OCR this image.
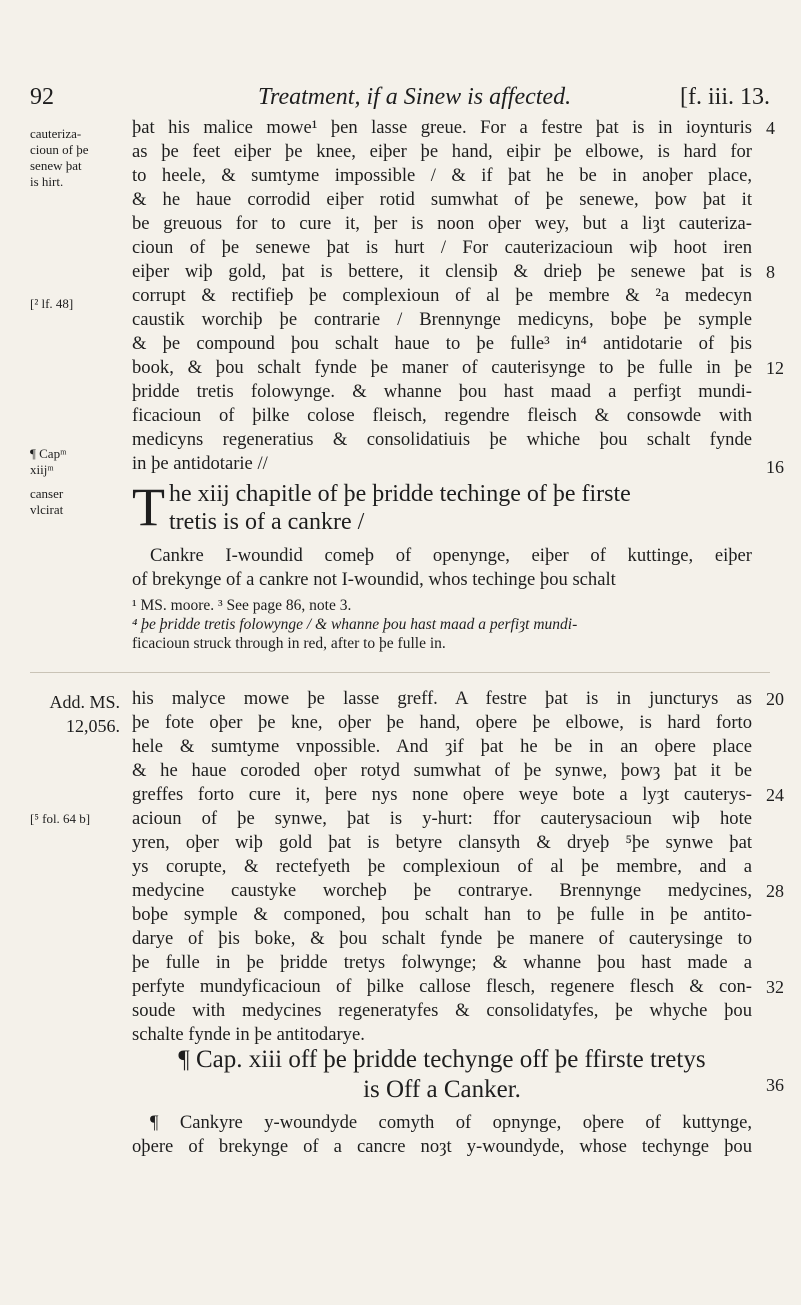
92	Treatment, if a Sinew is affected.	[f. iii. 13.
cauteriza-
cioun of þe
senew þat
is hirt.
[² lf. 48]
¶ Capᵐ
xiijᵐ
canser
vlcirat
Add. MS.
12,056.
[⁵ fol. 64 b]
4
8
12
16
20
24
28
32
36
þat his malice mowe¹ þen lasse greue. For a festre þat is in ioynturis
as þe feet eiþer þe knee, eiþer þe hand, eiþir þe elbowe, is hard for
to heele, & sumtyme impossible / & if þat he be in anoþer place,
& he haue corrodid eiþer rotid sumwhat of þe senewe, þow þat it
be greuous for to cure it, þer is noon oþer wey, but a liȝt cauteriza-
cioun of þe senewe þat is hurt / For cauterizacioun wiþ hoot iren
eiþer wiþ gold, þat is bettere, it clensiþ & drieþ þe senewe þat is
corrupt & rectifieþ þe complexioun of al þe membre & ²a medecyn
caustik worchiþ þe contrarie / Brennynge medicyns, boþe þe symple
& þe compound þou schalt haue to þe fulle³ in⁴ antidotarie of þis
book, & þou schalt fynde þe maner of cauterisynge to þe fulle in þe
þridde tretis folowynge. & whanne þou hast maad a perfiȝt mundi-
ficacioun of þilke colose fleisch, regendre fleisch & consowde with
medicyns regeneratius & consolidatiuis þe whiche þou schalt fynde
in þe antidotarie //
T he xiij chapitle of þe þridde techinge of þe firste
tretis is of a cankre /
Cankre I-woundid comeþ of openynge, eiþer of kuttinge, eiþer
of brekynge of a cankre not I-woundid, whos techinge þou schalt
¹ MS. moore. ³ See page 86, note 3.
⁴ þe þridde tretis folowynge / & whanne þou hast maad a perfiȝt mundi-
ficacioun struck through in red, after to þe fulle in.
his malyce mowe þe lasse greff. A festre þat is in juncturys as
þe fote oþer þe kne, oþer þe hand, oþere þe elbowe, is hard forto
hele & sumtyme vnpossible. And ȝif þat he be in an oþere place
& he haue coroded oþer rotyd sumwhat of þe synwe, þowȝ þat it be
greffes forto cure it, þere nys none oþere weye bote a lyȝt cauterys-
acioun of þe synwe, þat is y-hurt: ffor cauterysacioun wiþ hote
yren, oþer wiþ gold þat is betyre clansyth & dryeþ ⁵þe synwe þat
ys corupte, & rectefyeth þe complexioun of al þe membre, and a
medycine caustyke worcheþ þe contrarye. Brennynge medycines,
boþe symple & componed, þou schalt han to þe fulle in þe antito-
darye of þis boke, & þou schalt fynde þe manere of cauterysinge to
þe fulle in þe þridde tretys folwynge; & whanne þou hast made a
perfyte mundyficacioun of þilke callose flesch, regenere flesch & con-
soude with medycines regeneratyfes & consolidatyfes, þe whyche þou
schalte fynde in þe antitodarye.
¶ Cap. xiii off þe þridde techynge off þe ffirste tretys
is Off a Canker.
¶ Cankyre y-woundyde comyth of opnynge, oþere of kuttynge,
oþere of brekynge of a cancre noȝt y-woundyde, whose techynge þou
